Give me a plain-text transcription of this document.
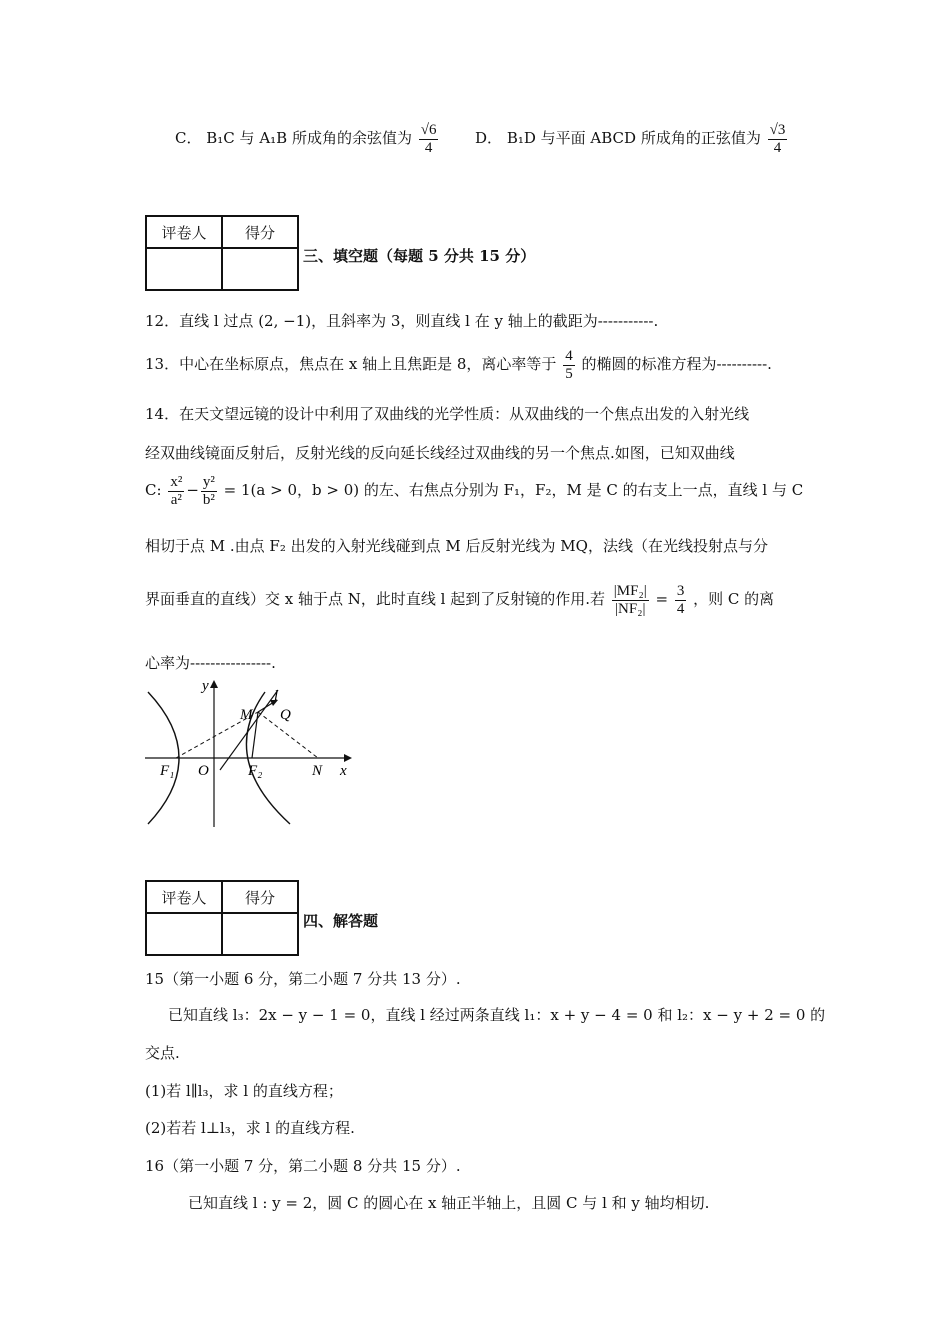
C． B₁C 与 A₁B 所成角的余弦值为 $\frac{√6}{4}$ D． B₁D 与平面 ABCD 所成角的正弦值为 $\frac{√3}{4}$
评卷人	得分

三、填空题（每题 5 分共 15 分）
12．直线 l 过点 (2, −1)，且斜率为 3，则直线 l 在 y 轴上的截距为-----------.
13．中心在坐标原点，焦点在 x 轴上且焦距是 8，离心率等于 $\frac{4}{5}$ 的椭圆的标准方程为----------.
14．在天文望远镜的设计中利用了双曲线的光学性质：从双曲线的一个焦点出发的入射光线
经双曲线镜面反射后，反射光线的反向延长线经过双曲线的另一个焦点.如图，已知双曲线
C: $\frac{\text{x²}}{\text{a²}} - \frac{\text{y²}}{\text{b²}} = 1(a > 0$，b > 0) 的左、右焦点分别为 F₁，F₂，M 是 C 的右支上一点，直线 l 与 C
相切于点 M .由点 F₂ 出发的入射光线碰到点 M 后反射光线为 MQ，法线（在光线投射点与分
界面垂直的直线）交 x 轴于点 N，此时直线 l 起到了反射镜的作用.若 $\frac{\text{|MF₂|}}{\text{|NF₂|}} = \frac{3}{4}$ ，则 C 的离
心率为----------------.
y
l
M Q
F₁ O	F₂	N x
评卷人	得分

四、解答题
15（第一小题 6 分，第二小题 7 分共 13 分）.
已知直线 l₃：2x − y − 1 = 0，直线 l 经过两条直线 l₁：x + y − 4 = 0 和 l₂：x − y + 2 = 0 的
交点.
(1)若 l∥l₃，求 l 的直线方程；
(2)若若 l⊥l₃，求 l 的直线方程.
16（第一小题 7 分，第二小题 8 分共 15 分）.
已知直线 l : y = 2，圆 C 的圆心在 x 轴正半轴上，且圆 C 与 l 和 y 轴均相切.
